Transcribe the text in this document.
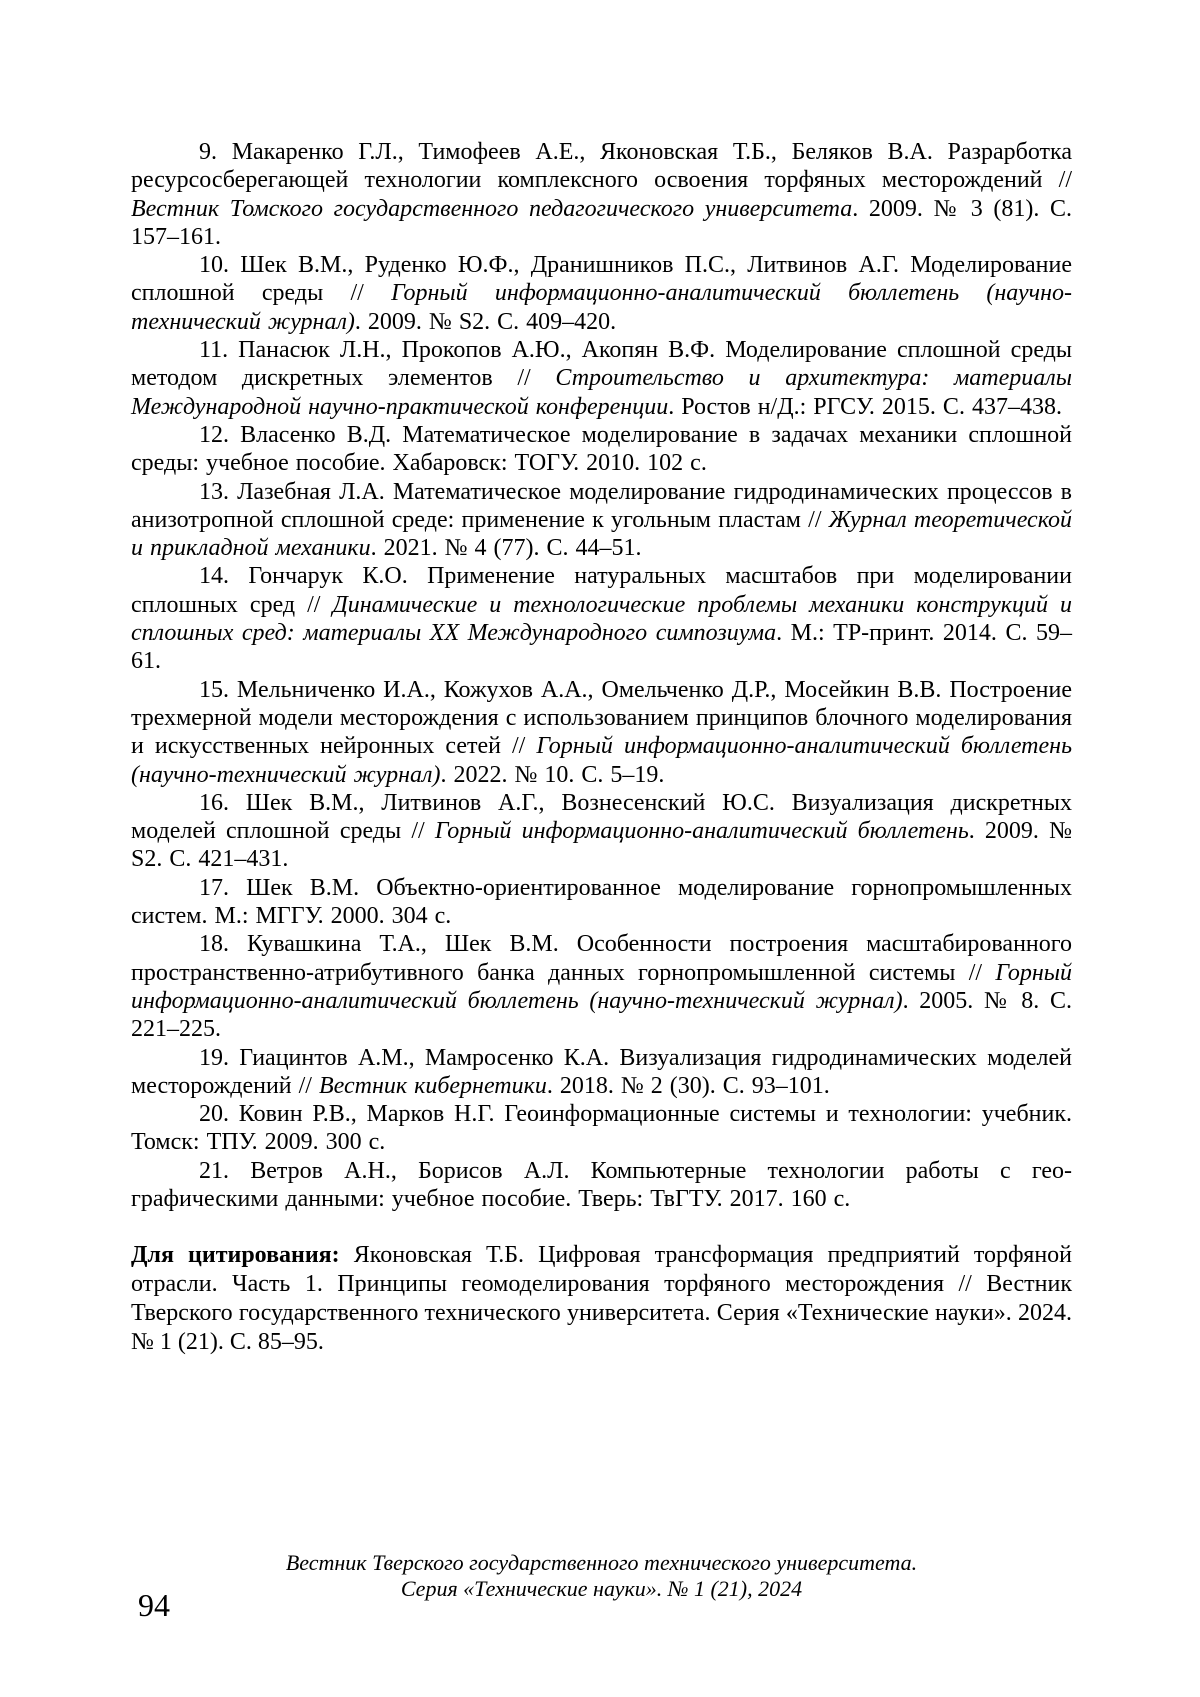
9. Макаренко Г.Л., Тимофеев А.Е., Яконовская Т.Б., Беляков В.А. Разрарботка ресурсосберегающей технологии комплексного освоения торфяных месторождений // Вестник Томского государственного педагогического университета. 2009. № 3 (81). С. 157–161.

10. Шек В.М., Руденко Ю.Ф., Дранишников П.С., Литвинов А.Г. Моделирование сплошной среды // Горный информационно-аналитический бюллетень (научно-технический журнал). 2009. № S2. С. 409–420.

11. Панасюк Л.Н., Прокопов А.Ю., Акопян В.Ф. Моделирование сплошной среды методом дискретных элементов // Строительство и архитектура: материалы Международной научно-практической конференции. Ростов н/Д.: РГСУ. 2015. С. 437–438.

12. Власенко В.Д. Математическое моделирование в задачах механики сплошной среды: учебное пособие. Хабаровск: ТОГУ. 2010. 102 с.

13. Лазебная Л.А. Математическое моделирование гидродинамических процессов в анизотропной сплошной среде: применение к угольным пластам // Журнал теоретической и прикладной механики. 2021. № 4 (77). С. 44–51.

14. Гончарук К.О. Применение натуральных масштабов при моделировании сплошных сред // Динамические и технологические проблемы механики конструкций и сплошных сред: материалы XX Международного симпозиума. М.: ТР-принт. 2014. С. 59–61.

15. Мельниченко И.А., Кожухов А.А., Омельченко Д.Р., Мосейкин В.В. Построение трехмерной модели месторождения с использованием принципов блочного моделирования и искусственных нейронных сетей // Горный информационно-аналитический бюллетень (научно-технический журнал). 2022. № 10. С. 5–19.

16. Шек В.М., Литвинов А.Г., Вознесенский Ю.С. Визуализация дискретных моделей сплошной среды // Горный информационно-аналитический бюллетень. 2009. № S2. С. 421–431.

17. Шек В.М. Объектно-ориентированное моделирование горнопромышленных систем. М.: МГГУ. 2000. 304 с.

18. Кувашкина Т.А., Шек В.М. Особенности построения масштабированного пространственно-атрибутивного банка данных горнопромышленной системы // Горный информационно-аналитический бюллетень (научно-технический журнал). 2005. № 8. С. 221–225.

19. Гиацинтов А.М., Мамросенко К.А. Визуализация гидродинамических моделей месторождений // Вестник кибернетики. 2018. № 2 (30). С. 93–101.

20. Ковин Р.В., Марков Н.Г. Геоинформационные системы и технологии: учебник. Томск: ТПУ. 2009. 300 с.

21. Ветров А.Н., Борисов А.Л. Компьютерные технологии работы с гео-графическими данными: учебное пособие. Тверь: ТвГТУ. 2017. 160 с.

Для цитирования: Яконовская Т.Б. Цифровая трансформация предприятий торфяной отрасли. Часть 1. Принципы геомоделирования торфяного месторождения // Вестник Тверского государственного технического университета. Серия «Технические науки». 2024. № 1 (21). С. 85–95.

Вестник Тверского государственного технического университета.
Серия «Технические науки». № 1 (21), 2024
94
